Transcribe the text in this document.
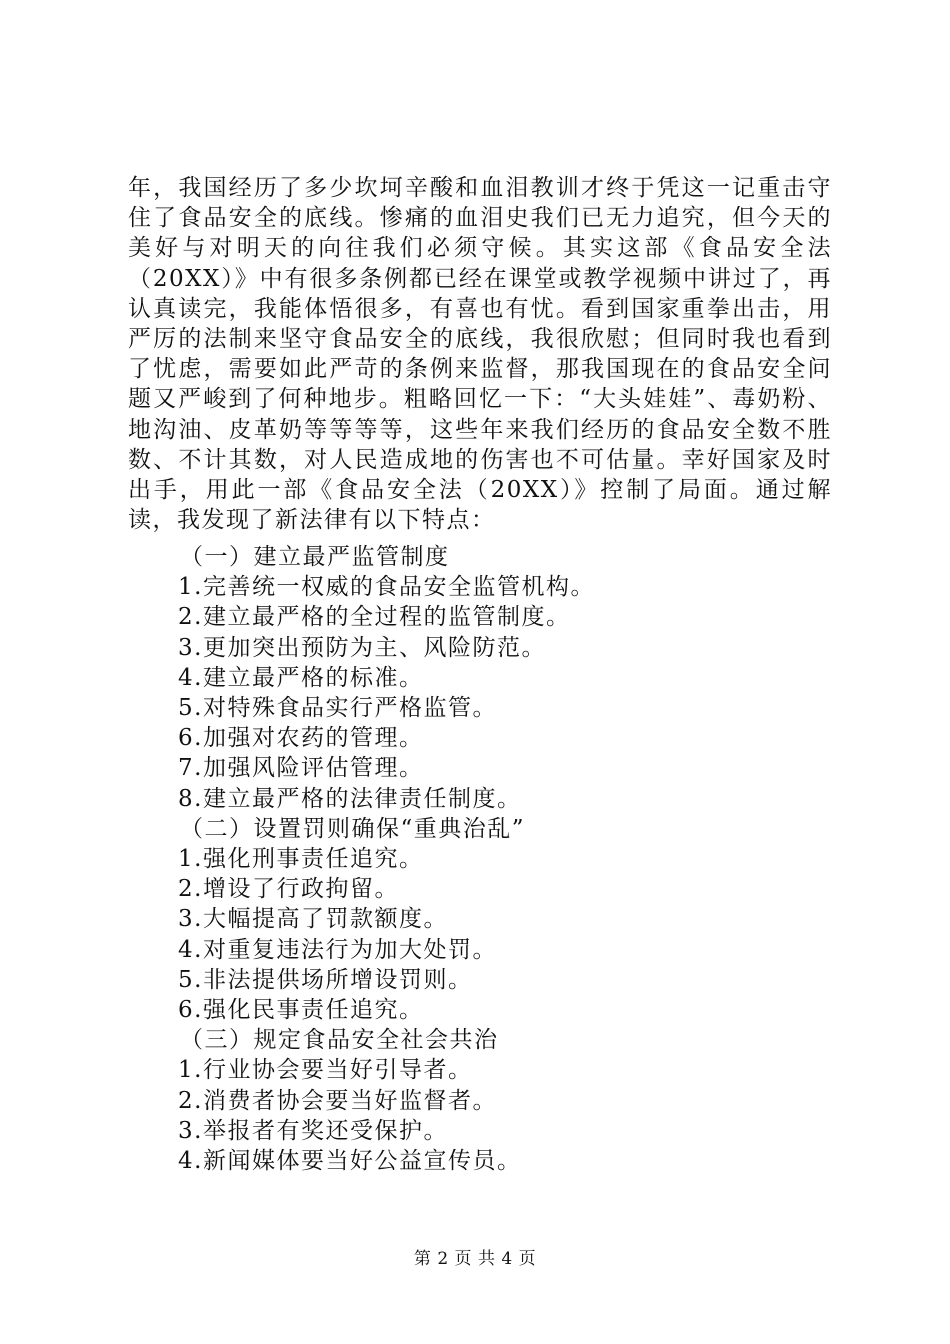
年，我国经历了多少坎坷辛酸和血泪教训才终于凭这一记重击守住了食品安全的底线。惨痛的血泪史我们已无力追究，但今天的美好与对明天的向往我们必须守候。其实这部《食品安全法（20XX）》中有很多条例都已经在课堂或教学视频中讲过了，再认真读完，我能体悟很多，有喜也有忧。看到国家重拳出击，用严厉的法制来坚守食品安全的底线，我很欣慰；但同时我也看到了忧虑，需要如此严苛的条例来监督，那我国现在的食品安全问题又严峻到了何种地步。粗略回忆一下：“大头娃娃”、毒奶粉、地沟油、皮革奶等等等等，这些年来我们经历的食品安全数不胜数、不计其数，对人民造成地的伤害也不可估量。幸好国家及时出手，用此一部《食品安全法（20XX）》控制了局面。通过解读，我发现了新法律有以下特点：
（一）建立最严监管制度
1.完善统一权威的食品安全监管机构。
2.建立最严格的全过程的监管制度。
3.更加突出预防为主、风险防范。
4.建立最严格的标准。
5.对特殊食品实行严格监管。
6.加强对农药的管理。
7.加强风险评估管理。
8.建立最严格的法律责任制度。
（二）设置罚则确保“重典治乱”
1.强化刑事责任追究。
2.增设了行政拘留。
3.大幅提高了罚款额度。
4.对重复违法行为加大处罚。
5.非法提供场所增设罚则。
6.强化民事责任追究。
（三）规定食品安全社会共治
1.行业协会要当好引导者。
2.消费者协会要当好监督者。
3.举报者有奖还受保护。
4.新闻媒体要当好公益宣传员。
第 2 页 共 4 页
